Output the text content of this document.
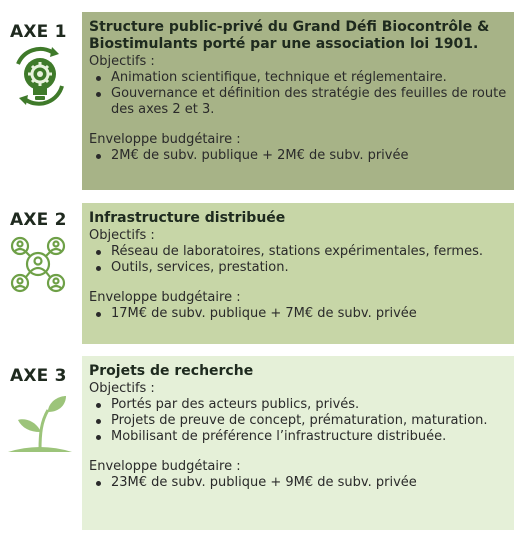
AXE 1	Structure public-privé du Grand Défi Biocontrôle & Biostimulants porté par une association loi 1901.
Objectifs :
Animation scientifique, technique et réglementaire.
Gouvernance et définition des stratégie des feuilles de route des axes 2 et 3.
Enveloppe budgétaire :
2M€ de subv. publique + 2M€ de subv. privée
AXE 2	Infrastructure distribuée
Objectifs :
Réseau de laboratoires, stations expérimentales, fermes.
Outils, services, prestation.
Enveloppe budgétaire :
17M€ de subv. publique + 7M€ de subv. privée
AXE 3	Projets de recherche
Objectifs :
Portés par des acteurs publics, privés.
Projets de preuve de concept, prématuration, maturation.
Mobilisant de préférence l’infrastructure distribuée.
Enveloppe budgétaire :
23M€ de subv. publique + 9M€ de subv. privée
